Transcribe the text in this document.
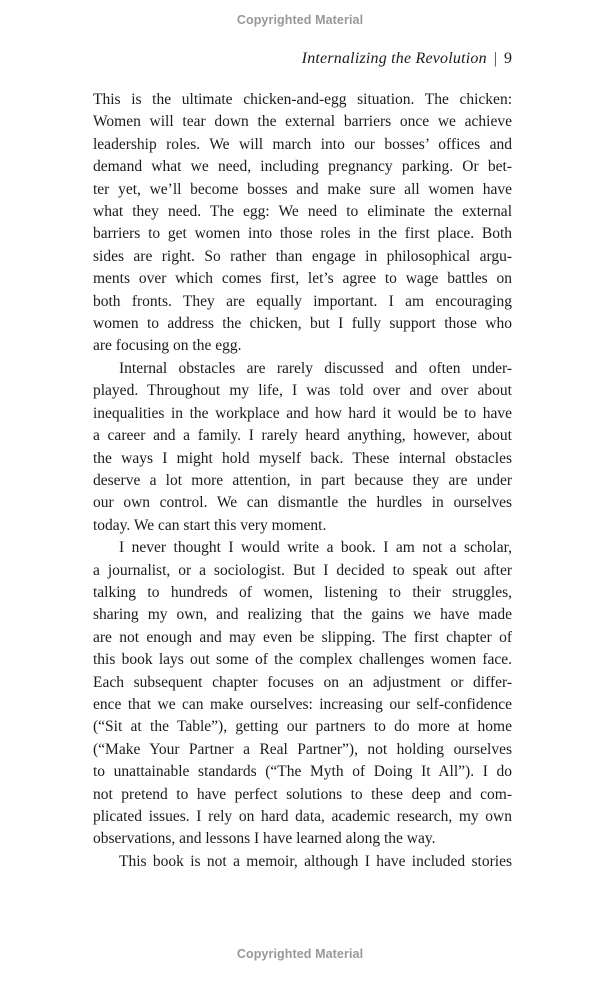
Copyrighted Material
Internalizing the Revolution | 9
This is the ultimate chicken-and-egg situation. The chicken:
Women will tear down the external barriers once we achieve
leadership roles. We will march into our bosses’ offices and
demand what we need, including pregnancy parking. Or bet-
ter yet, we’ll become bosses and make sure all women have
what they need. The egg: We need to eliminate the external
barriers to get women into those roles in the first place. Both
sides are right. So rather than engage in philosophical argu-
ments over which comes first, let’s agree to wage battles on
both fronts. They are equally important. I am encouraging
women to address the chicken, but I fully support those who
are focusing on the egg.
Internal obstacles are rarely discussed and often under-
played. Throughout my life, I was told over and over about
inequalities in the workplace and how hard it would be to have
a career and a family. I rarely heard anything, however, about
the ways I might hold myself back. These internal obstacles
deserve a lot more attention, in part because they are under
our own control. We can dismantle the hurdles in ourselves
today. We can start this very moment.
I never thought I would write a book. I am not a scholar,
a journalist, or a sociologist. But I decided to speak out after
talking to hundreds of women, listening to their struggles,
sharing my own, and realizing that the gains we have made
are not enough and may even be slipping. The first chapter of
this book lays out some of the complex challenges women face.
Each subsequent chapter focuses on an adjustment or differ-
ence that we can make ourselves: increasing our self-confidence
(“Sit at the Table”), getting our partners to do more at home
(“Make Your Partner a Real Partner”), not holding ourselves
to unattainable standards (“The Myth of Doing It All”). I do
not pretend to have perfect solutions to these deep and com-
plicated issues. I rely on hard data, academic research, my own
observations, and lessons I have learned along the way.
This book is not a memoir, although I have included stories
Copyrighted Material
